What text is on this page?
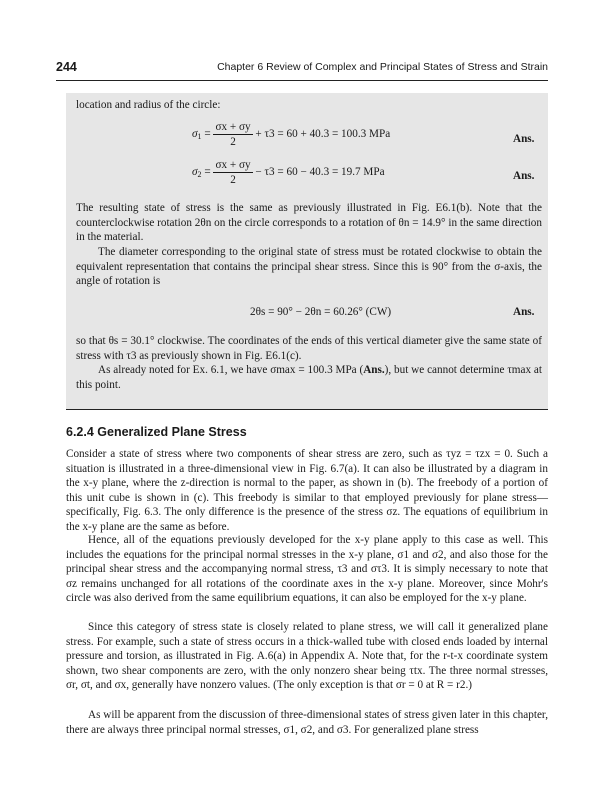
244	Chapter 6 Review of Complex and Principal States of Stress and Strain

location and radius of the circle:

$\sigma_1 = \frac{\sigma x + \sigma y}{2} + \tau 3 = 60 + 40.3 = 100.3$ MPa	Ans.
$\sigma_2 = \frac{\sigma x + \sigma y}{2} - \tau 3 = 60 - 40.3 = 19.7$ MPa	Ans.

The resulting state of stress is the same as previously illustrated in Fig. E6.1(b). Note that the counterclockwise rotation 2θn on the circle corresponds to a rotation of θn = 14.9° in the same direction in the material.

The diameter corresponding to the original state of stress must be rotated clockwise to obtain the equivalent representation that contains the principal shear stress. Since this is 90° from the σ-axis, the angle of rotation is

2θs = 90° − 2θn = 60.26° (CW)	Ans.

so that θs = 30.1° clockwise. The coordinates of the ends of this vertical diameter give the same state of stress with τ3 as previously shown in Fig. E6.1(c).

As already noted for Ex. 6.1, we have σmax = 100.3 MPa (Ans.), but we cannot determine τmax at this point.

6.2.4 Generalized Plane Stress

Consider a state of stress where two components of shear stress are zero, such as τyz = τzx = 0. Such a situation is illustrated in a three-dimensional view in Fig. 6.7(a). It can also be illustrated by a diagram in the x-y plane, where the z-direction is normal to the paper, as shown in (b). The freebody of a portion of this unit cube is shown in (c). This freebody is similar to that employed previously for plane stress—specifically, Fig. 6.3. The only difference is the presence of the stress σz. The equations of equilibrium in the x-y plane are the same as before.

Hence, all of the equations previously developed for the x-y plane apply to this case as well. This includes the equations for the principal normal stresses in the x-y plane, σ1 and σ2, and also those for the principal shear stress and the accompanying normal stress, τ3 and στ3. It is simply necessary to note that σz remains unchanged for all rotations of the coordinate axes in the x-y plane. Moreover, since Mohr's circle was also derived from the same equilibrium equations, it can also be employed for the x-y plane.

Since this category of stress state is closely related to plane stress, we will call it generalized plane stress. For example, such a state of stress occurs in a thick-walled tube with closed ends loaded by internal pressure and torsion, as illustrated in Fig. A.6(a) in Appendix A. Note that, for the r-t-x coordinate system shown, two shear components are zero, with the only nonzero shear being τtx. The three normal stresses, σr, σt, and σx, generally have nonzero values. (The only exception is that σr = 0 at R = r2.)

As will be apparent from the discussion of three-dimensional states of stress given later in this chapter, there are always three principal normal stresses, σ1, σ2, and σ3. For generalized plane stress
